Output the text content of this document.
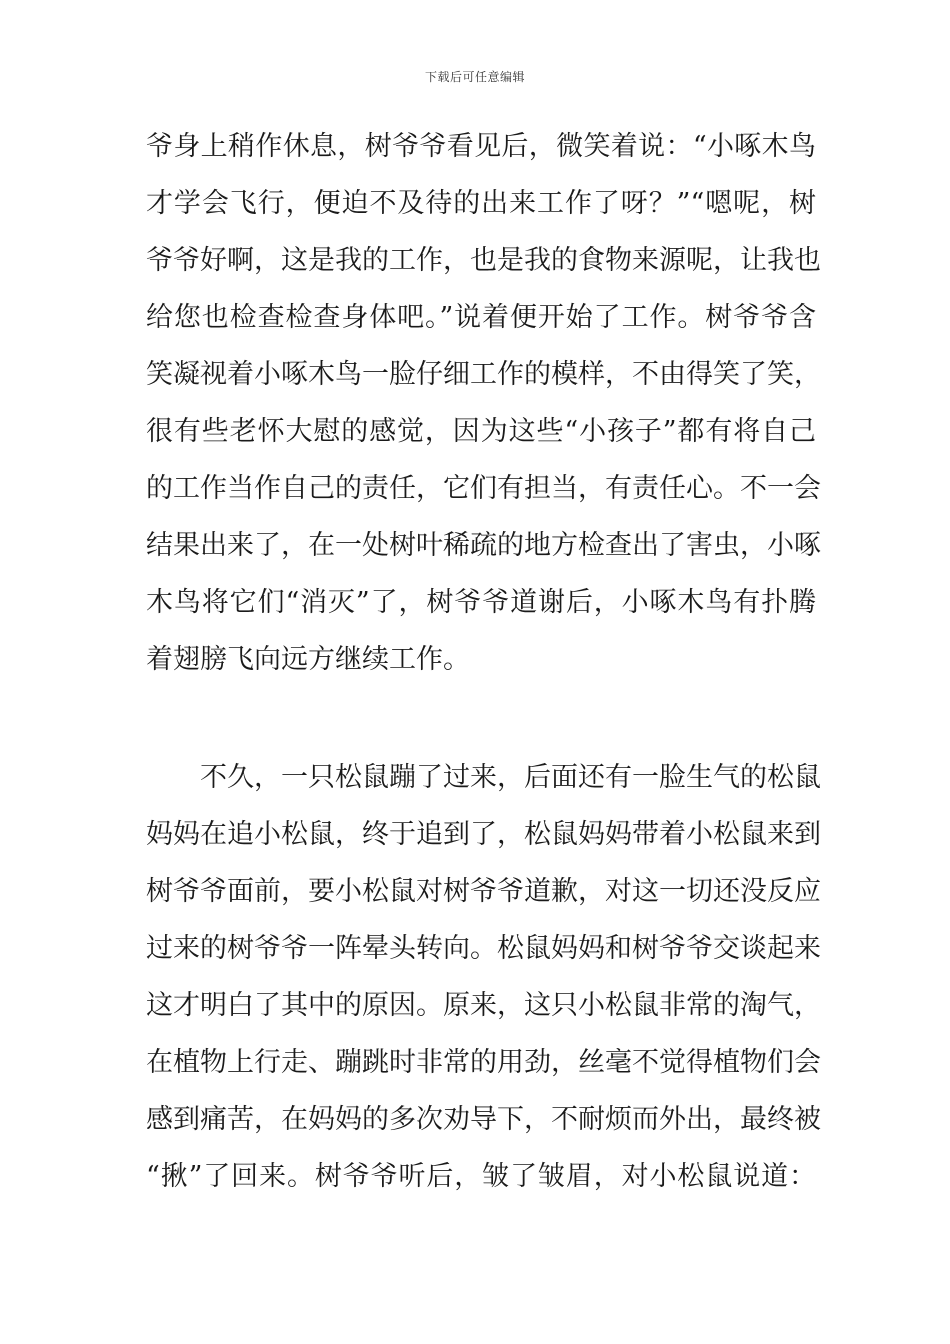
下载后可任意编辑
爷身上稍作休息，树爷爷看见后，微笑着说：“小啄木鸟
才学会飞行，便迫不及待的出来工作了呀？”“嗯呢，树
爷爷好啊，这是我的工作，也是我的食物来源呢，让我也
给您也检查检查身体吧。”说着便开始了工作。树爷爷含
笑凝视着小啄木鸟一脸仔细工作的模样，不由得笑了笑，
很有些老怀大慰的感觉，因为这些“小孩子”都有将自己
的工作当作自己的责任，它们有担当，有责任心。不一会
结果出来了，在一处树叶稀疏的地方检查出了害虫，小啄
木鸟将它们“消灭”了，树爷爷道谢后，小啄木鸟有扑腾
着翅膀飞向远方继续工作。
　　不久，一只松鼠蹦了过来，后面还有一脸生气的松鼠
妈妈在追小松鼠，终于追到了，松鼠妈妈带着小松鼠来到
树爷爷面前，要小松鼠对树爷爷道歉，对这一切还没反应
过来的树爷爷一阵晕头转向。松鼠妈妈和树爷爷交谈起来
这才明白了其中的原因。原来，这只小松鼠非常的淘气，
在植物上行走、蹦跳时非常的用劲，丝毫不觉得植物们会
感到痛苦，在妈妈的多次劝导下，不耐烦而外出，最终被
“揪”了回来。树爷爷听后，皱了皱眉，对小松鼠说道：
